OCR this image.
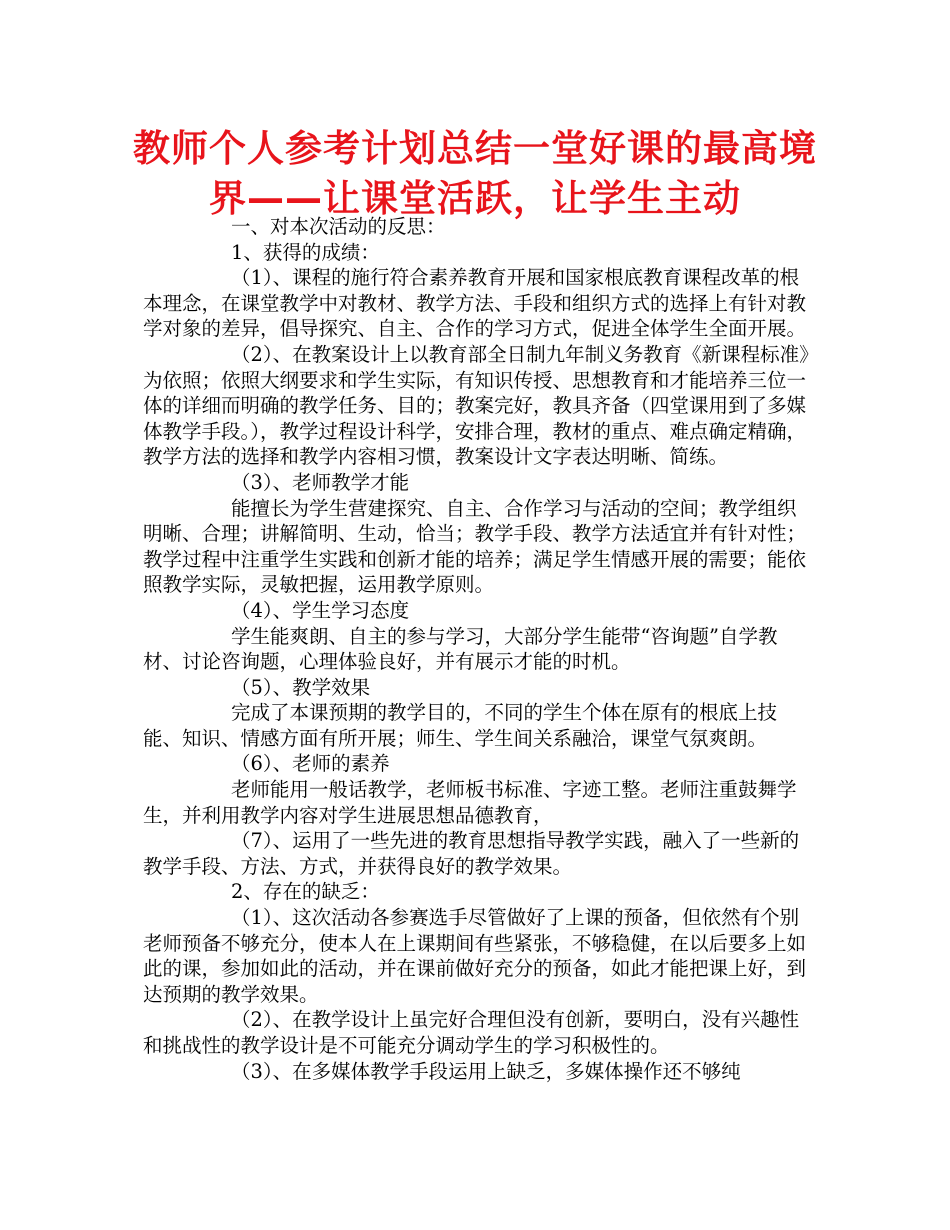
教师个人参考计划总结一堂好课的最高境
界——让课堂活跃，让学生主动

一、对本次活动的反思：

1、获得的成绩：

（1）、课程的施行符合素养教育开展和国家根底教育课程改革的根本理念，在课堂教学中对教材、教学方法、手段和组织方式的选择上有针对教学对象的差异，倡导探究、自主、合作的学习方式，促进全体学生全面开展。

（2）、在教案设计上以教育部全日制九年制义务教育《新课程标准》为依照；依照大纲要求和学生实际，有知识传授、思想教育和才能培养三位一体的详细而明确的教学任务、目的；教案完好，教具齐备（四堂课用到了多媒体教学手段。），教学过程设计科学，安排合理，教材的重点、难点确定精确，教学方法的选择和教学内容相习惯，教案设计文字表达明晰、简练。

（3）、老师教学才能

能擅长为学生营建探究、自主、合作学习与活动的空间；教学组织明晰、合理；讲解简明、生动，恰当；教学手段、教学方法适宜并有针对性；教学过程中注重学生实践和创新才能的培养；满足学生情感开展的需要；能依照教学实际，灵敏把握，运用教学原则。

（4）、学生学习态度

学生能爽朗、自主的参与学习，大部分学生能带“咨询题”自学教材、讨论咨询题，心理体验良好，并有展示才能的时机。

（5）、教学效果

完成了本课预期的教学目的，不同的学生个体在原有的根底上技能、知识、情感方面有所开展；师生、学生间关系融洽，课堂气氛爽朗。

（6）、老师的素养

老师能用一般话教学，老师板书标准、字迹工整。老师注重鼓舞学生，并利用教学内容对学生进展思想品德教育，

（7）、运用了一些先进的教育思想指导教学实践，融入了一些新的教学手段、方法、方式，并获得良好的教学效果。

2、存在的缺乏：

（1）、这次活动各参赛选手尽管做好了上课的预备，但依然有个别老师预备不够充分，使本人在上课期间有些紧张，不够稳健，在以后要多上如此的课，参加如此的活动，并在课前做好充分的预备，如此才能把课上好，到达预期的教学效果。

（2）、在教学设计上虽完好合理但没有创新，要明白，没有兴趣性和挑战性的教学设计是不可能充分调动学生的学习积极性的。

（3）、在多媒体教学手段运用上缺乏，多媒体操作还不够纯
